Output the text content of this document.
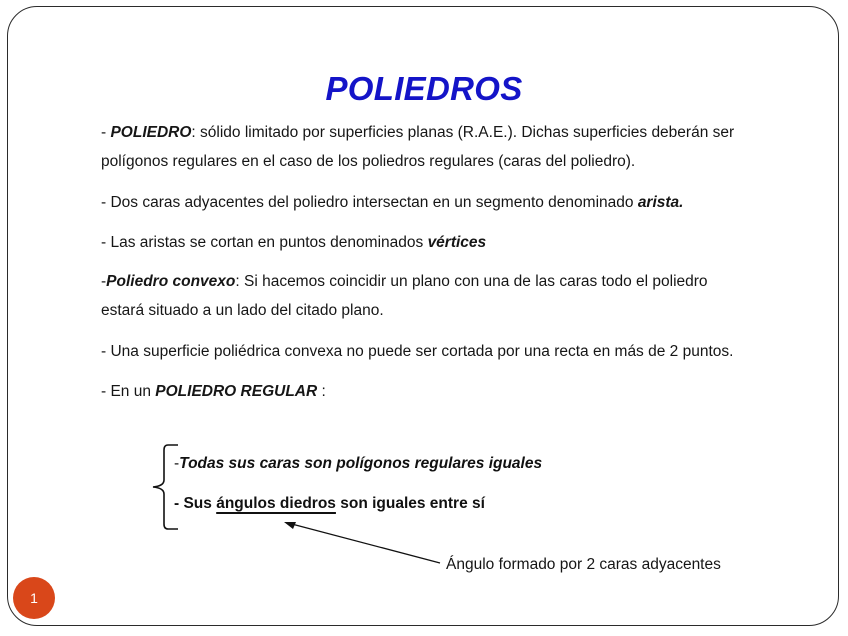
POLIEDROS
- POLIEDRO: sólido limitado por superficies planas (R.A.E.). Dichas superficies deberán ser
polígonos regulares en el caso de los poliedros regulares (caras del poliedro).
- Dos caras adyacentes del poliedro intersectan en un segmento denominado arista.
- Las aristas se cortan en puntos denominados vértices
-Poliedro convexo: Si hacemos coincidir un plano con una de las caras todo el poliedro
estará situado a un lado del citado plano.
- Una superficie poliédrica convexa no puede ser cortada por una recta en más de 2 puntos.
- En un POLIEDRO REGULAR :
-Todas sus caras son polígonos regulares iguales
- Sus ángulos diedros son iguales entre sí
Ángulo formado por 2 caras adyacentes
1
